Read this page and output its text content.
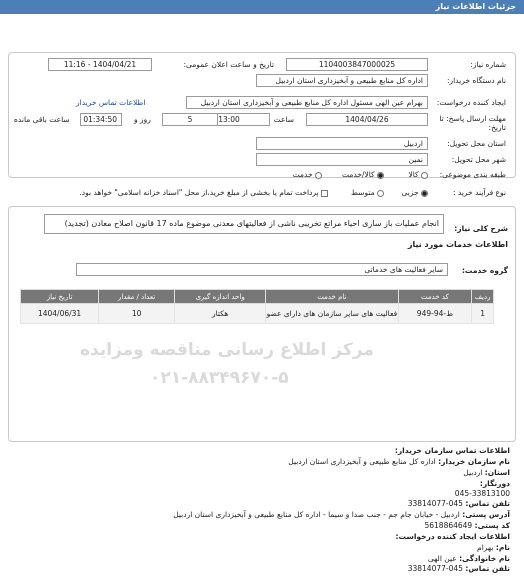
جزئیات اطلاعات نیاز
شماره نیاز:
1104003847000025
تاریخ و ساعت اعلان عمومی:
1404/04/21 - 11:16
نام دستگاه خریدار:
اداره کل منابع طبیعی و آبخیزداری استان اردبیل
ایجاد کننده درخواست:
بهرام عین الهی مسئول اداره کل منابع طبیعی و آبخیزداری استان اردبیل
اطلاعات تماس خریدار
مهلت ارسال پاسخ: تا تاریخ:
1404/04/26
ساعت
13:00
5
روز و
01:34:50
ساعت باقی مانده
استان محل تحویل:
اردبیل
شهر محل تحویل:
نمین
طبقه بندی موضوعی:
کالا
کالا/خدمت
خدمت
نوع فرآیند خرید :
جزیی
متوسط
پرداخت تمام یا بخشی از مبلغ خرید،از محل "اسناد خزانه اسلامی" خواهد بود.
شرح کلی نیاز:
انجام عملیات باز سازی احیاء مراتع تخریبی ناشی از فعالیتهای معدنی موضوع ماده 17 قانون اصلاح معادن (تجدید)
اطلاعات خدمات مورد نیاز
گروه خدمت:
سایر فعالیت های خدماتی
ردیف	کد خدمت	نام خدمت	واحد اندازه گیری	تعداد / مقدار	تاریخ نیاز
1	ط-94-949	فعالیت های سایر سازمان های دارای عضو	هکتار	10	1404/06/31
مرکز اطلاع رسانی مناقصه ومزایده
۰۲۱-۸۸۳۴۹۶۷۰-۵
اطلاعات تماس سازمان خریدار:
نام سازمان خریدار: اداره کل منابع طبیعی و آبخیزداری استان اردبیل
استان: اردبیل
دورنگار:
045-33813100
تلفن تماس: 045-33814077
آدرس پستی: اردبیل - خیابان جام جم - جنب صدا و سیما - اداره کل منابع طبیعی و آبخیزداری استان اردبیل
کد پستی: 5618864649
اطلاعات ایجاد کننده درخواست:
نام: بهرام
نام خانوادگی: عین الهی
تلفن تماس: 045-33814077
